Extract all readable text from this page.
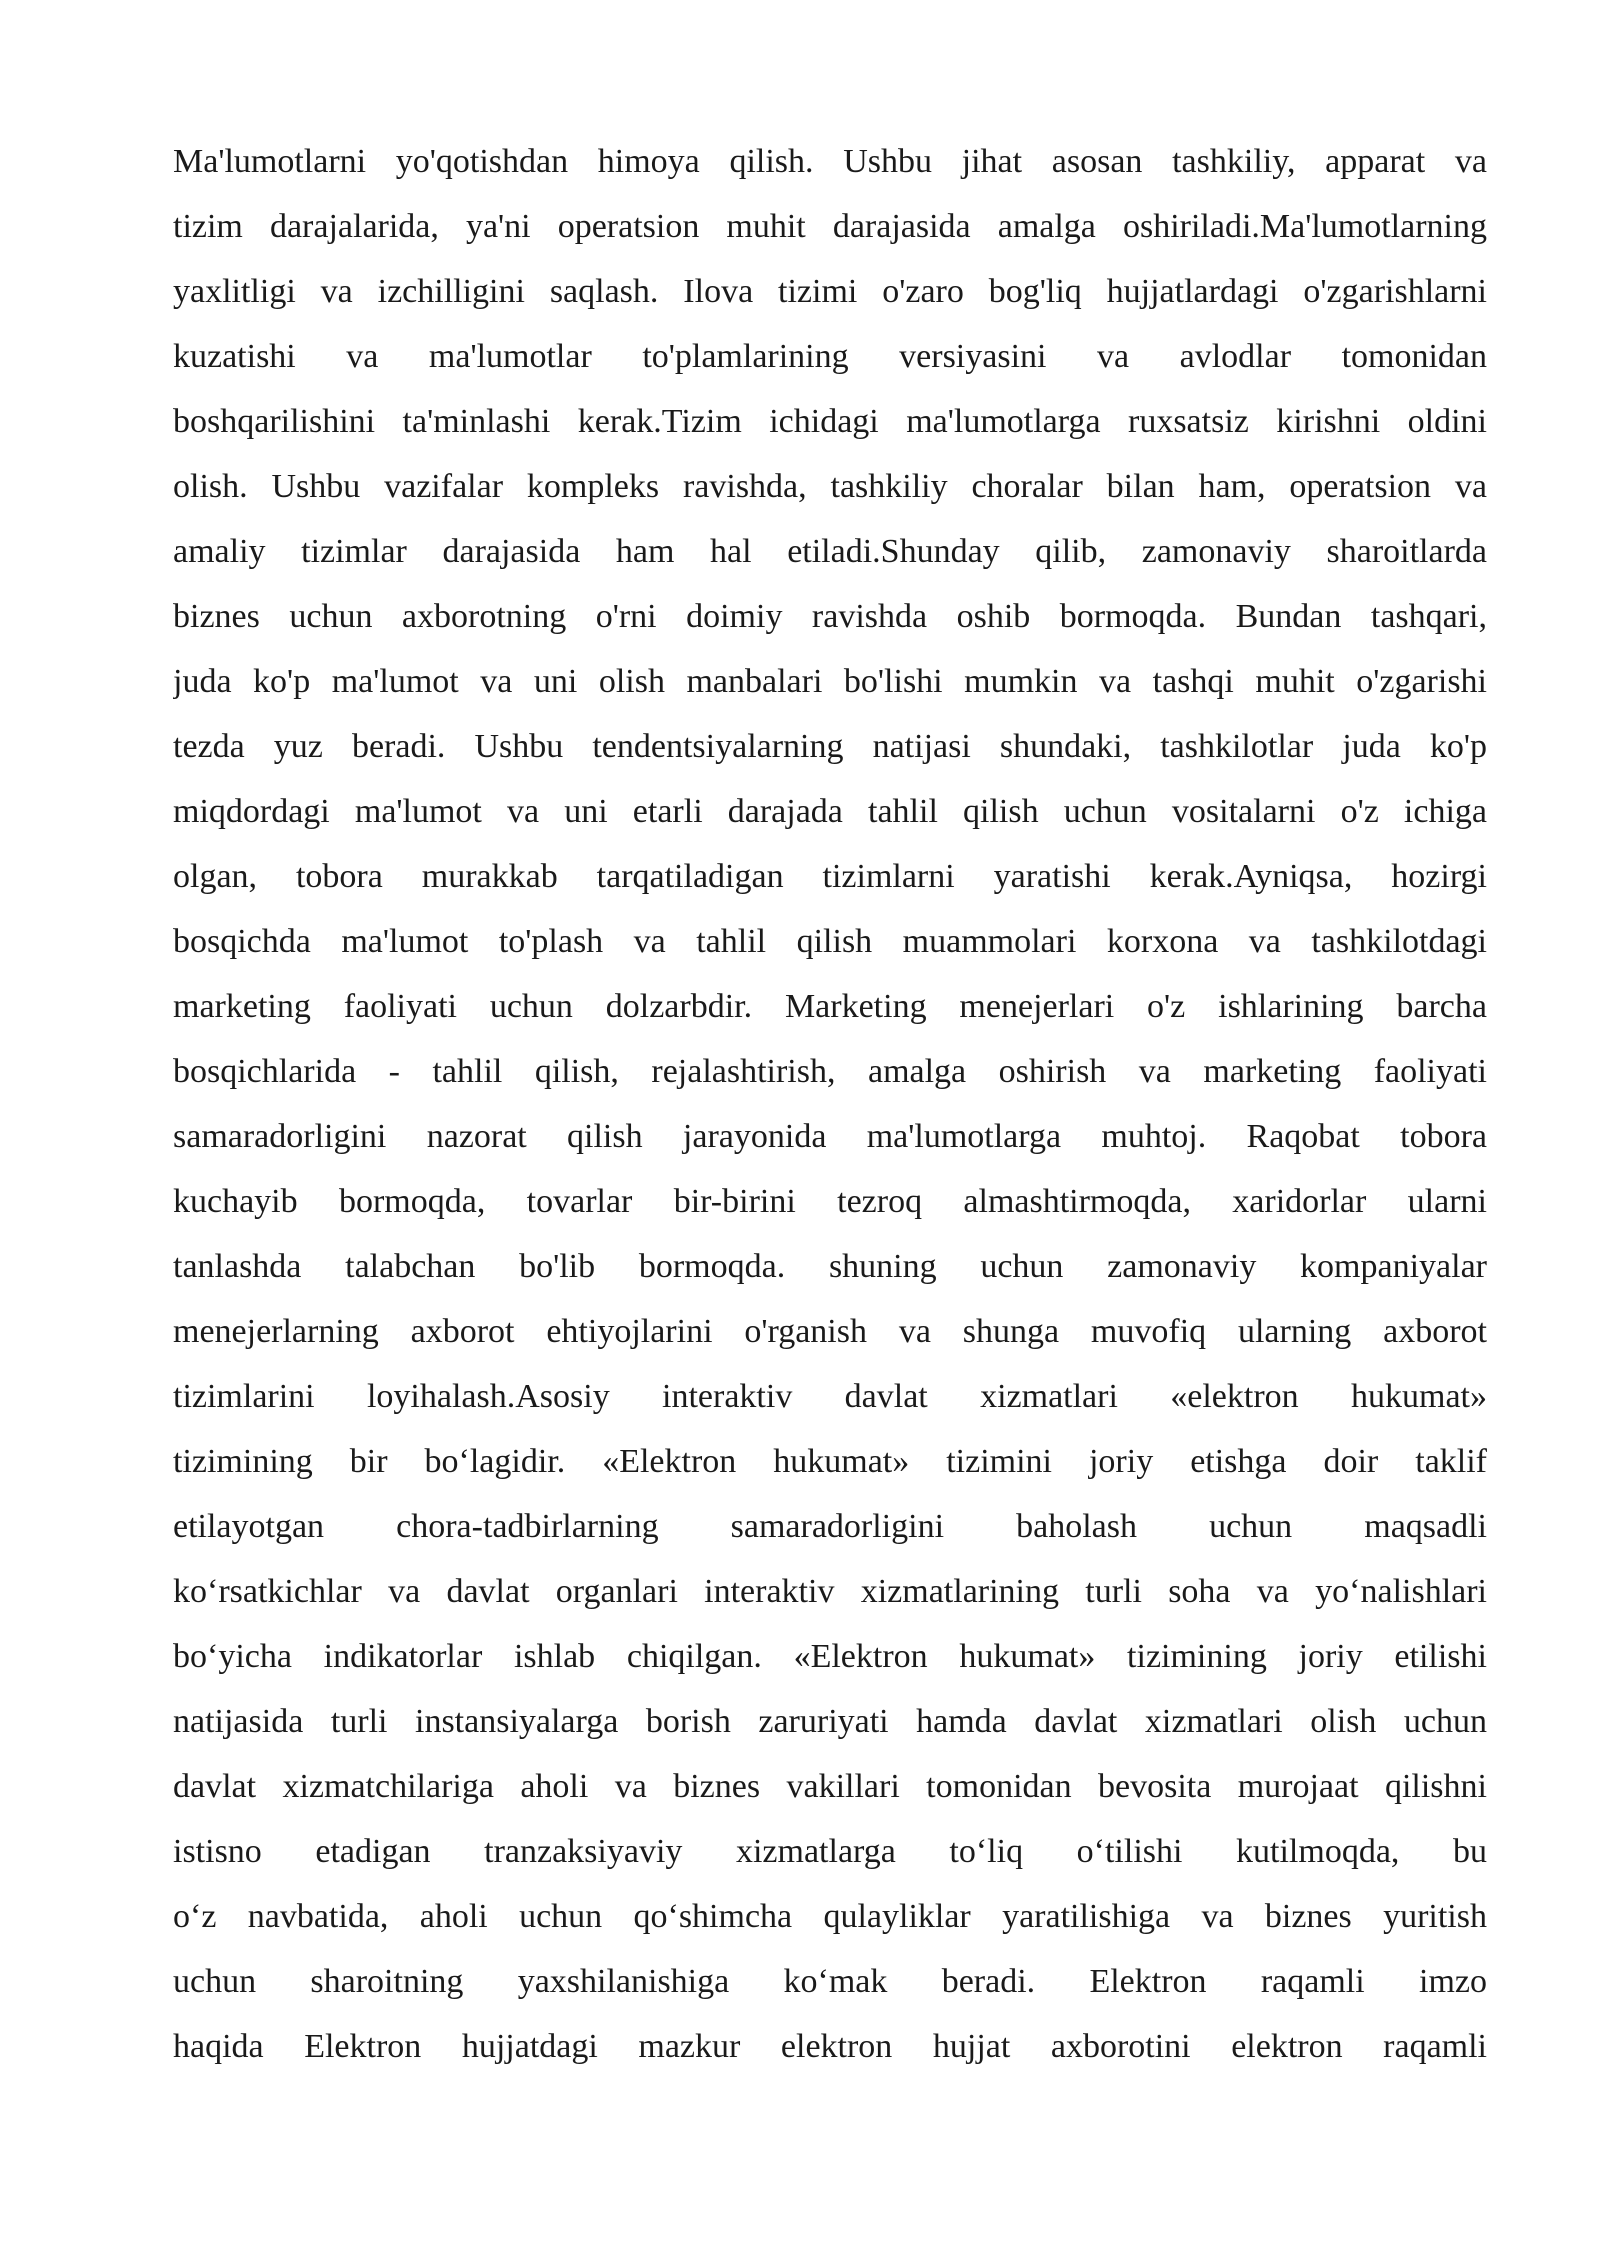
Ma'lumotlarni yo'qotishdan himoya qilish. Ushbu jihat asosan tashkiliy, apparat va
tizim darajalarida, ya'ni operatsion muhit darajasida amalga oshiriladi.Ma'lumotlarning
yaxlitligi va izchilligini saqlash. Ilova tizimi o'zaro bog'liq hujjatlardagi o'zgarishlarni
kuzatishi va ma'lumotlar to'plamlarining versiyasini va avlodlar tomonidan
boshqarilishini ta'minlashi kerak.Tizim ichidagi ma'lumotlarga ruxsatsiz kirishni oldini
olish. Ushbu vazifalar kompleks ravishda, tashkiliy choralar bilan ham, operatsion va
amaliy tizimlar darajasida ham hal etiladi.Shunday qilib, zamonaviy sharoitlarda
biznes uchun axborotning o'rni doimiy ravishda oshib bormoqda. Bundan tashqari,
juda ko'p ma'lumot va uni olish manbalari bo'lishi mumkin va tashqi muhit o'zgarishi
tezda yuz beradi. Ushbu tendentsiyalarning natijasi shundaki, tashkilotlar juda ko'p
miqdordagi ma'lumot va uni etarli darajada tahlil qilish uchun vositalarni o'z ichiga
olgan, tobora murakkab tarqatiladigan tizimlarni yaratishi kerak.Ayniqsa, hozirgi
bosqichda ma'lumot to'plash va tahlil qilish muammolari korxona va tashkilotdagi
marketing faoliyati uchun dolzarbdir. Marketing menejerlari o'z ishlarining barcha
bosqichlarida - tahlil qilish, rejalashtirish, amalga oshirish va marketing faoliyati
samaradorligini nazorat qilish jarayonida ma'lumotlarga muhtoj. Raqobat tobora
kuchayib bormoqda, tovarlar bir-birini tezroq almashtirmoqda, xaridorlar ularni
tanlashda talabchan bo'lib bormoqda. shuning uchun zamonaviy kompaniyalar
menejerlarning axborot ehtiyojlarini o'rganish va shunga muvofiq ularning axborot
tizimlarini loyihalash.Asosiy interaktiv davlat xizmatlari «elektron hukumat»
tizimining bir bo‘lagidir. «Elektron hukumat» tizimini joriy etishga doir taklif
etilayotgan chora-tadbirlarning samaradorligini baholash uchun maqsadli
ko‘rsatkichlar va davlat organlari interaktiv xizmatlarining turli soha va yo‘nalishlari
bo‘yicha indikatorlar ishlab chiqilgan. «Elektron hukumat» tizimining joriy etilishi
natijasida turli instansiyalarga borish zaruriyati hamda davlat xizmatlari olish uchun
davlat xizmatchilariga aholi va biznes vakillari tomonidan bevosita murojaat qilishni
istisno etadigan tranzaksiyaviy xizmatlarga to‘liq o‘tilishi kutilmoqda, bu
o‘z navbatida, aholi uchun qo‘shimcha qulayliklar yaratilishiga va biznes yuritish
uchun sharoitning yaxshilanishiga ko‘mak beradi. Elektron raqamli imzo
haqida Elektron hujjatdagi mazkur elektron hujjat axborotini elektron raqamli
